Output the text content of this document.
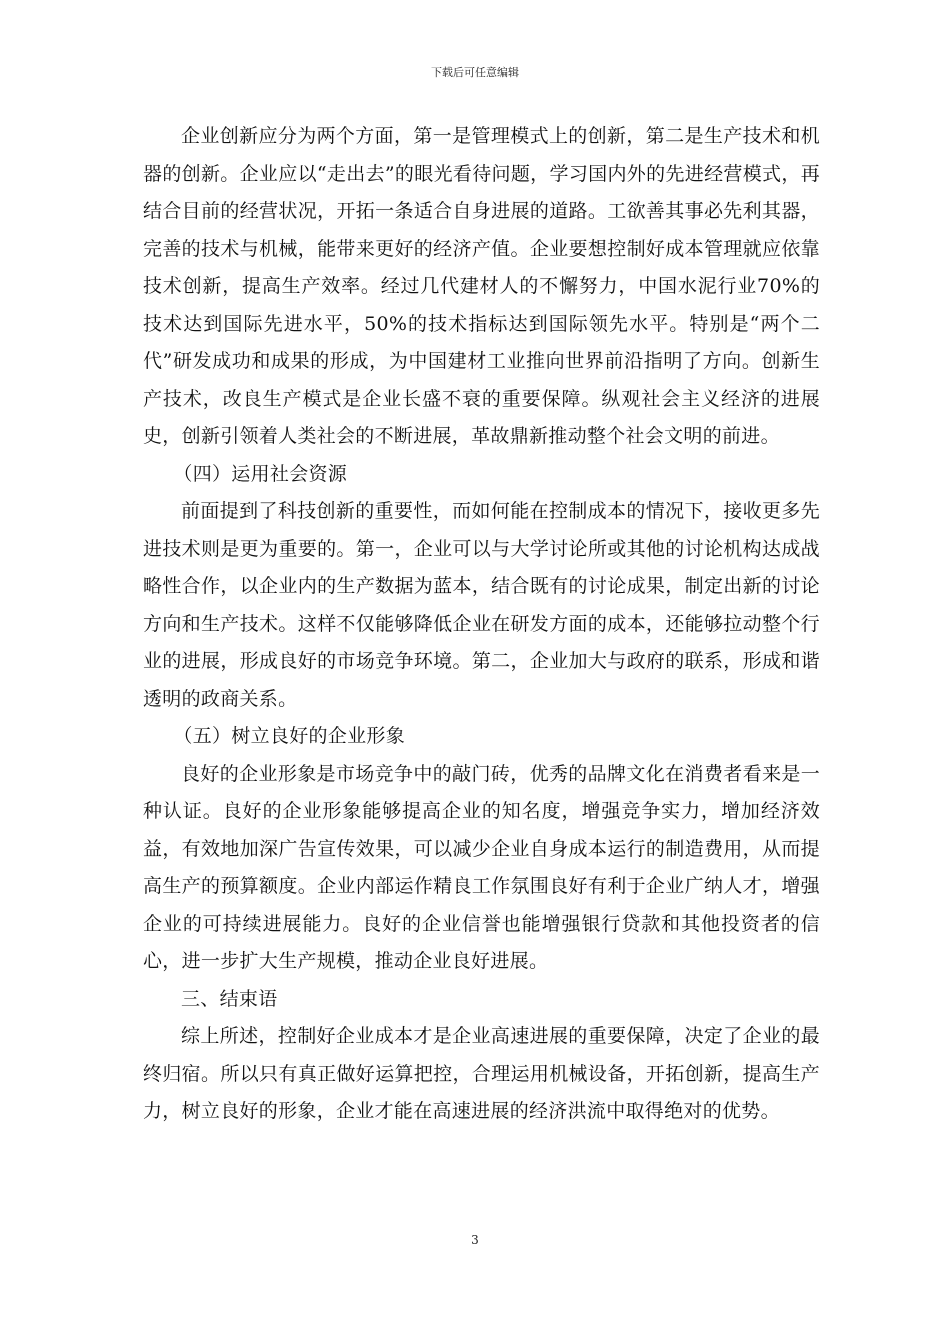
下载后可任意编辑

企业创新应分为两个方面，第一是管理模式上的创新，第二是生产技术和机器的创新。企业应以“走出去”的眼光看待问题，学习国内外的先进经营模式，再结合目前的经营状况，开拓一条适合自身进展的道路。工欲善其事必先利其器，完善的技术与机械，能带来更好的经济产值。企业要想控制好成本管理就应依靠技术创新，提高生产效率。经过几代建材人的不懈努力，中国水泥行业70%的技术达到国际先进水平，50%的技术指标达到国际领先水平。特别是“两个二代”研发成功和成果的形成，为中国建材工业推向世界前沿指明了方向。创新生产技术，改良生产模式是企业长盛不衰的重要保障。纵观社会主义经济的进展史，创新引领着人类社会的不断进展，革故鼎新推动整个社会文明的前进。

（四）运用社会资源

前面提到了科技创新的重要性，而如何能在控制成本的情况下，接收更多先进技术则是更为重要的。第一，企业可以与大学讨论所或其他的讨论机构达成战略性合作，以企业内的生产数据为蓝本，结合既有的讨论成果，制定出新的讨论方向和生产技术。这样不仅能够降低企业在研发方面的成本，还能够拉动整个行业的进展，形成良好的市场竞争环境。第二，企业加大与政府的联系，形成和谐透明的政商关系。

（五）树立良好的企业形象

良好的企业形象是市场竞争中的敲门砖，优秀的品牌文化在消费者看来是一种认证。良好的企业形象能够提高企业的知名度，增强竞争实力，增加经济效益，有效地加深广告宣传效果，可以减少企业自身成本运行的制造费用，从而提高生产的预算额度。企业内部运作精良工作氛围良好有利于企业广纳人才，增强企业的可持续进展能力。良好的企业信誉也能增强银行贷款和其他投资者的信心，进一步扩大生产规模，推动企业良好进展。

三、结束语

综上所述，控制好企业成本才是企业高速进展的重要保障，决定了企业的最终归宿。所以只有真正做好运算把控，合理运用机械设备，开拓创新，提高生产力，树立良好的形象，企业才能在高速进展的经济洪流中取得绝对的优势。

3
